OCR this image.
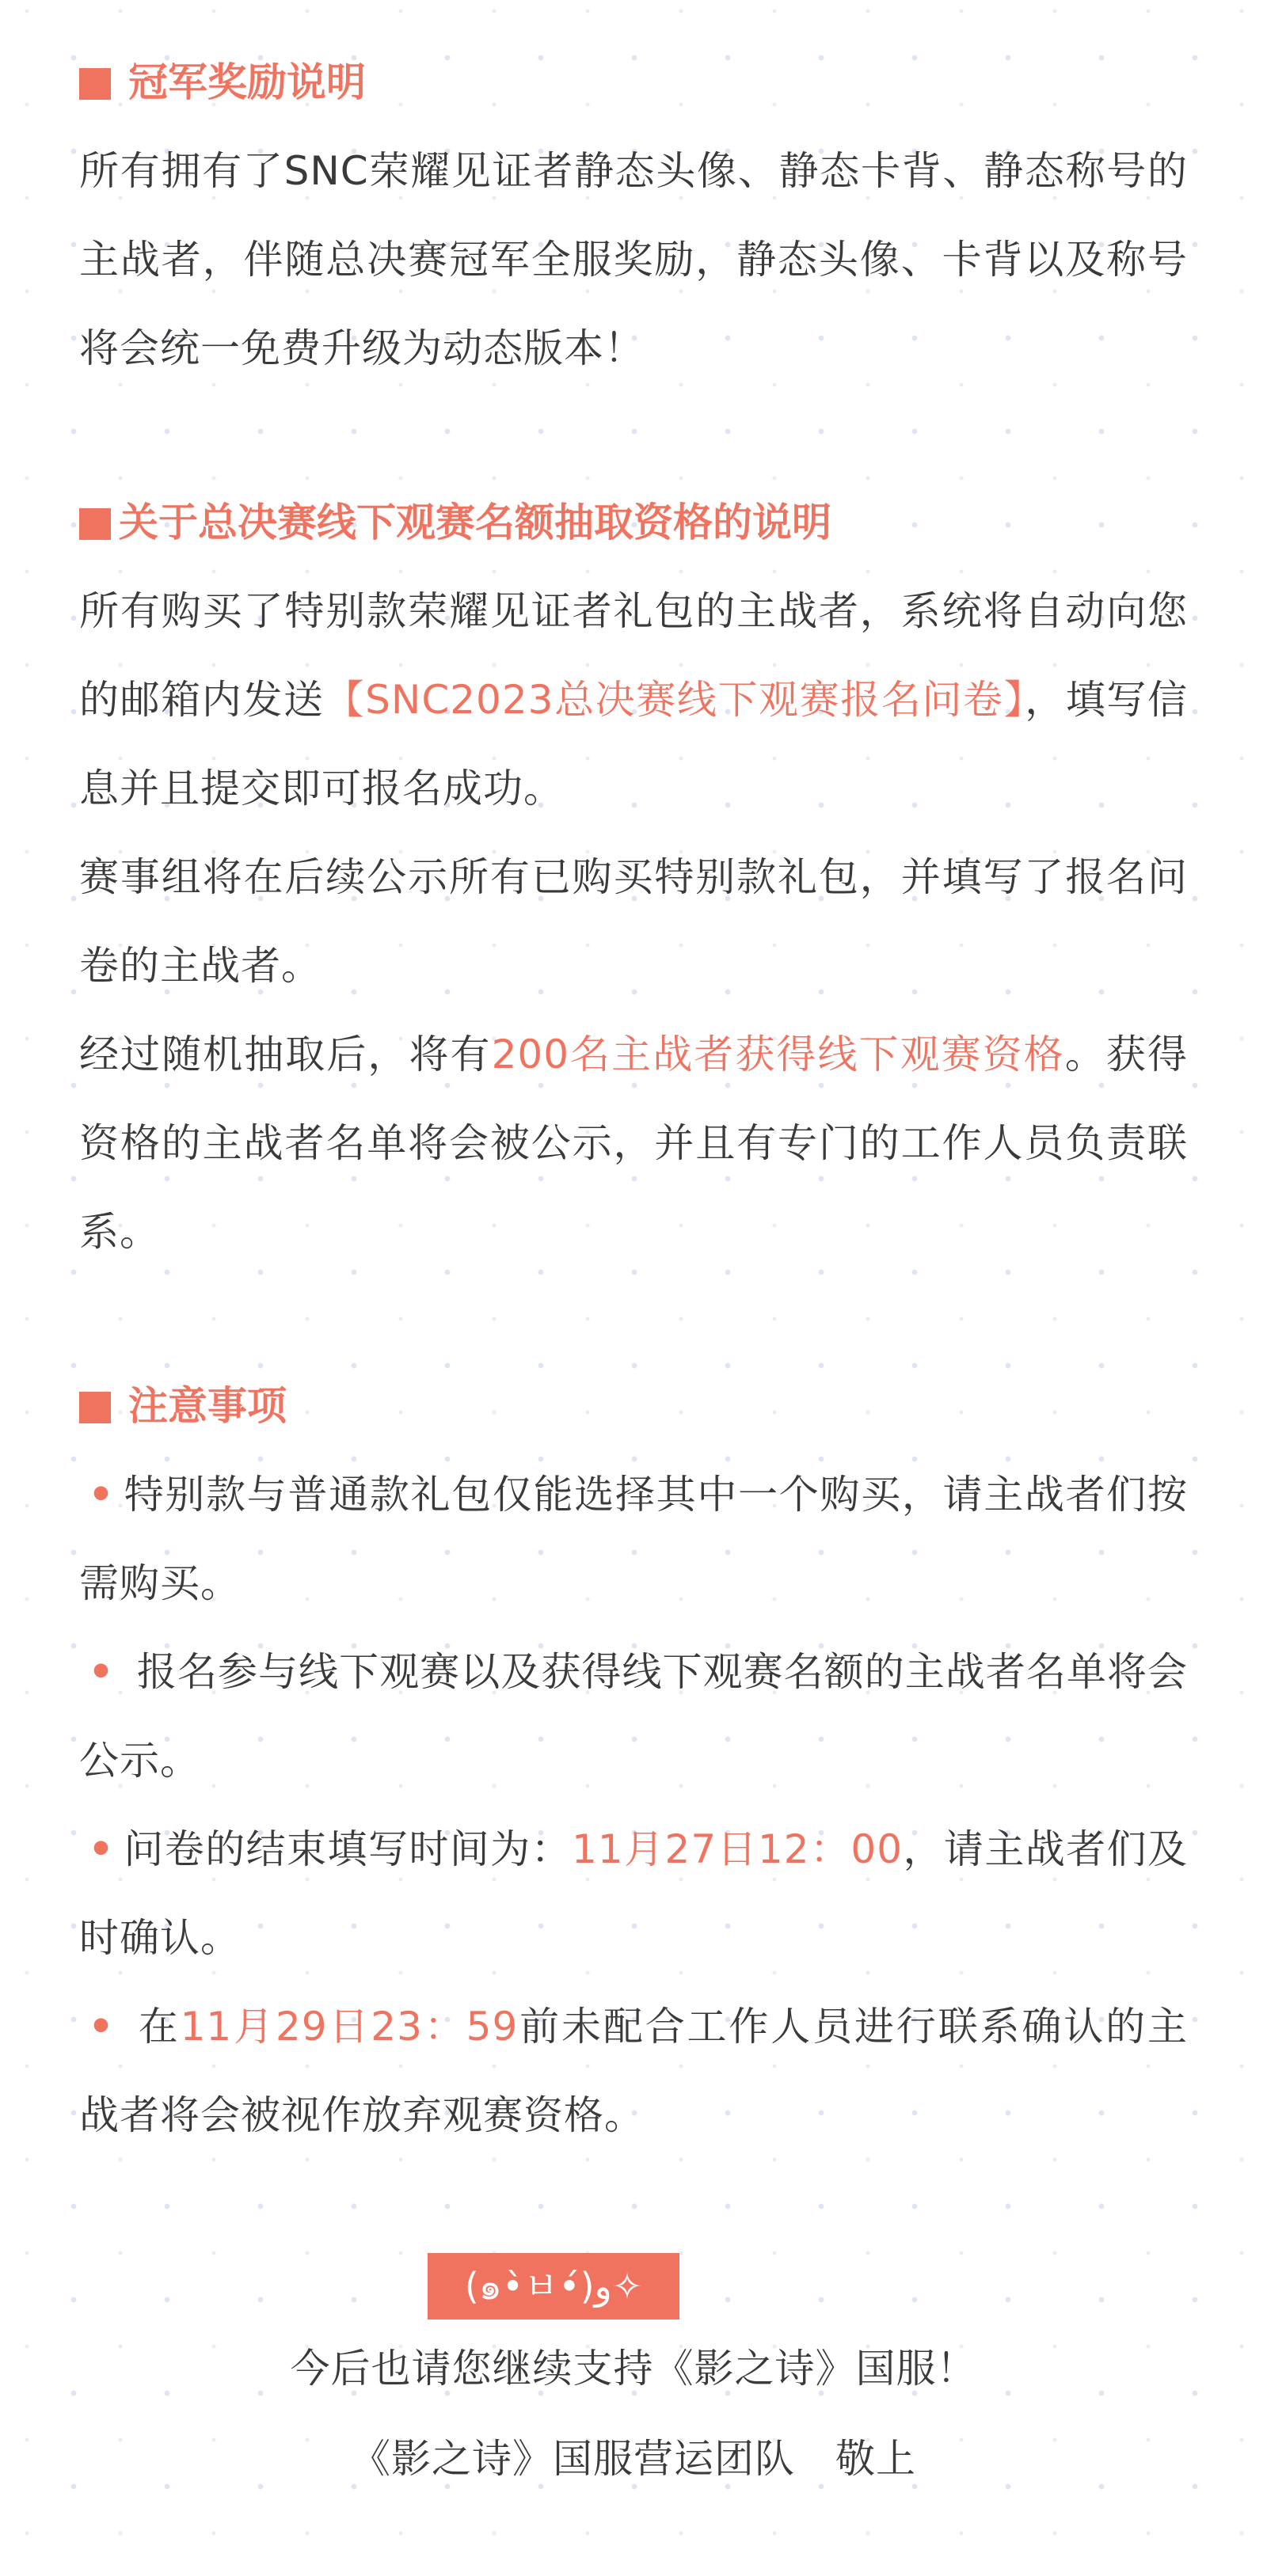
冠军奖励说明

所有拥有了SNC荣耀见证者静态头像、静态卡背、静态称号的主战者，伴随总决赛冠军全服奖励，静态头像、卡背以及称号将会统一免费升级为动态版本！

关于总决赛线下观赛名额抽取资格的说明

所有购买了特别款荣耀见证者礼包的主战者，系统将自动向您的邮箱内发送【SNC2023总决赛线下观赛报名问卷】，填写信息并且提交即可报名成功。

赛事组将在后续公示所有已购买特别款礼包，并填写了报名问卷的主战者。

经过随机抽取后，将有200名主战者获得线下观赛资格。获得资格的主战者名单将会被公示，并且有专门的工作人员负责联系。

注意事项

• 特别款与普通款礼包仅能选择其中一个购买，请主战者们按需购买。

• 报名参与线下观赛以及获得线下观赛名额的主战者名单将会公示。

• 问卷的结束填写时间为：11月27日12：00，请主战者们及时确认。

• 在11月29日23：59前未配合工作人员进行联系确认的主战者将会被视作放弃观赛资格。

(๑•̀ㅂ•́)و✧
今后也请您继续支持《影之诗》国服！
《影之诗》国服营运团队　敬上
